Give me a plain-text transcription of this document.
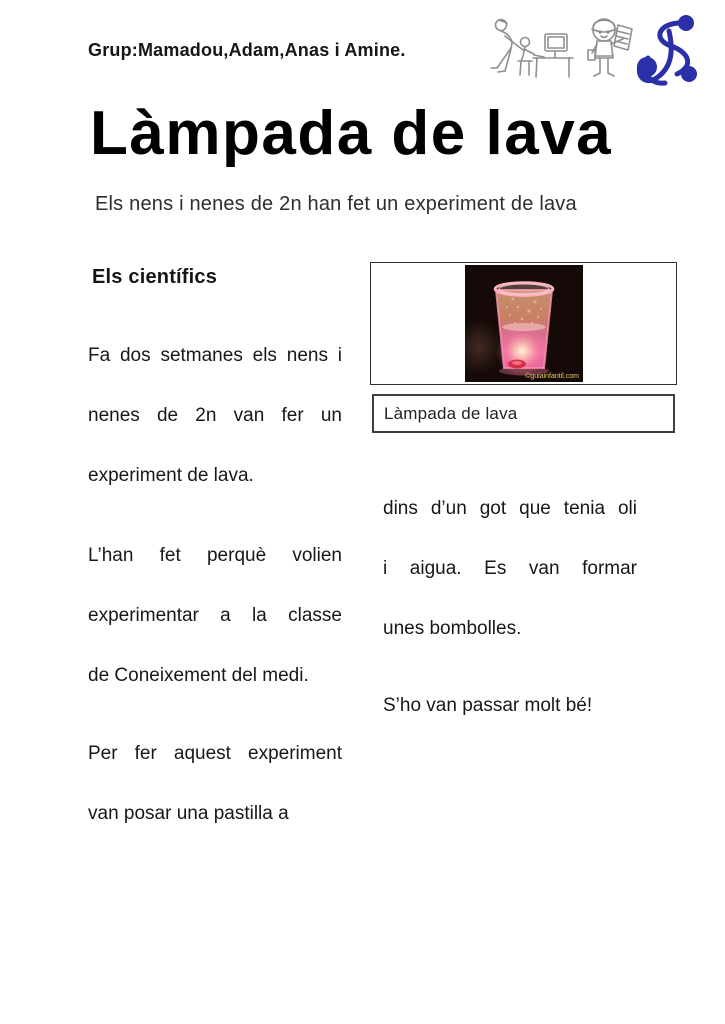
Grup:Mamadou,Adam,Anas i Amine.
Làmpada de lava
Els nens i nenes de 2n han fet un experiment de lava
Els científics
©guiainfantil.com
Làmpada de lava
Fa dos setmanes els nens i
nenes de 2n van fer un
experiment de lava.
L’han fet perquè volien
experimentar a la classe
de Coneixement del medi.
Per fer aquest experiment
van posar una pastilla a
dins d’un got que tenia oli
i aigua. Es van formar
unes bombolles.
S’ho van passar molt bé!
